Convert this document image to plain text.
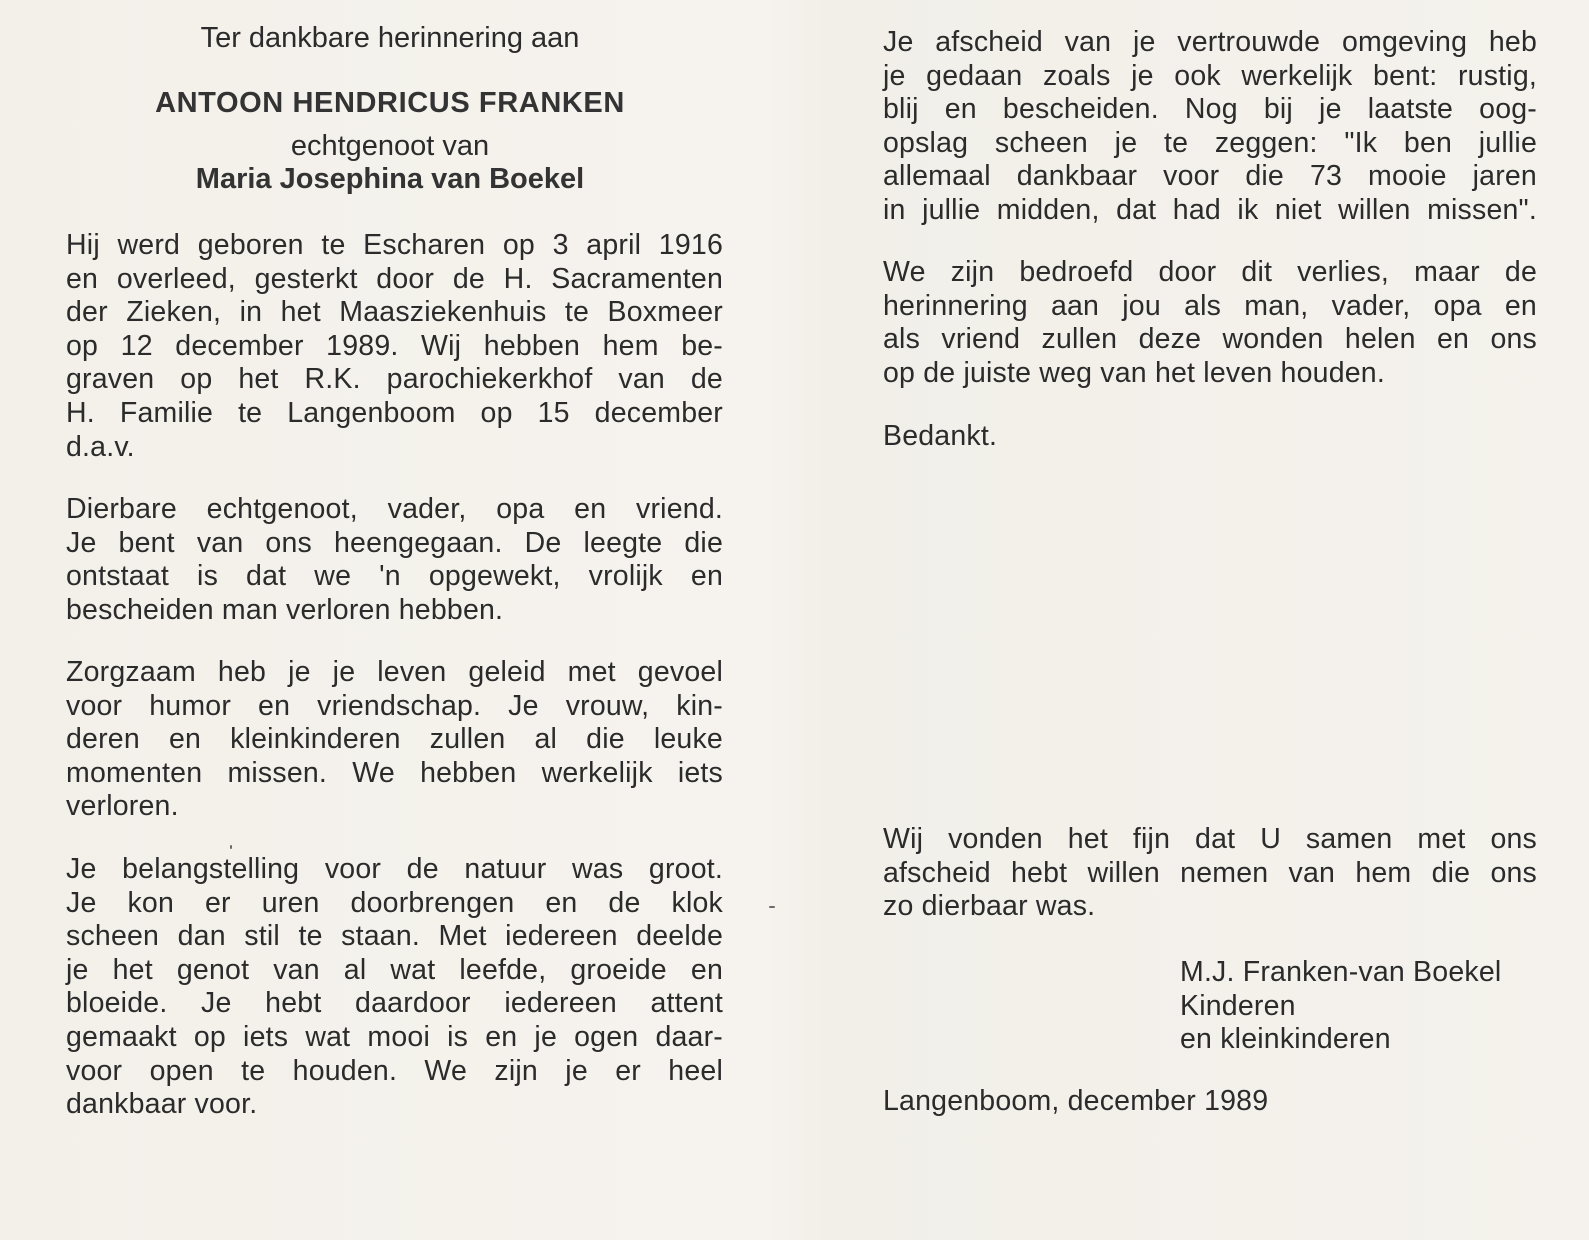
Ter dankbare herinnering aan
ANTOON HENDRICUS FRANKEN
echtgenoot van
Maria Josephina van Boekel
Hij werd geboren te Escharen op 3 april 1916
en overleed, gesterkt door de H. Sacramenten
der Zieken, in het Maasziekenhuis te Boxmeer
op 12 december 1989. Wij hebben hem be-
graven op het R.K. parochiekerkhof van de
H. Familie te Langenboom op 15 december
d.a.v.
Dierbare echtgenoot, vader, opa en vriend.
Je bent van ons heengegaan. De leegte die
ontstaat is dat we 'n opgewekt, vrolijk en
bescheiden man verloren hebben.
Zorgzaam heb je je leven geleid met gevoel
voor humor en vriendschap. Je vrouw, kin-
deren en kleinkinderen zullen al die leuke
momenten missen. We hebben werkelijk iets
verloren.
Je belangstelling voor de natuur was groot.
Je kon er uren doorbrengen en de klok
scheen dan stil te staan. Met iedereen deelde
je het genot van al wat leefde, groeide en
bloeide. Je hebt daardoor iedereen attent
gemaakt op iets wat mooi is en je ogen daar-
voor open te houden. We zijn je er heel
dankbaar voor.
Je afscheid van je vertrouwde omgeving heb
je gedaan zoals je ook werkelijk bent: rustig,
blij en bescheiden. Nog bij je laatste oog-
opslag scheen je te zeggen: "Ik ben jullie
allemaal dankbaar voor die 73 mooie jaren
in jullie midden, dat had ik niet willen missen".
We zijn bedroefd door dit verlies, maar de
herinnering aan jou als man, vader, opa en
als vriend zullen deze wonden helen en ons
op de juiste weg van het leven houden.
Bedankt.
Wij vonden het fijn dat U samen met ons
afscheid hebt willen nemen van hem die ons
zo dierbaar was.
M.J. Franken-van Boekel
Kinderen
en kleinkinderen
Langenboom, december 1989
